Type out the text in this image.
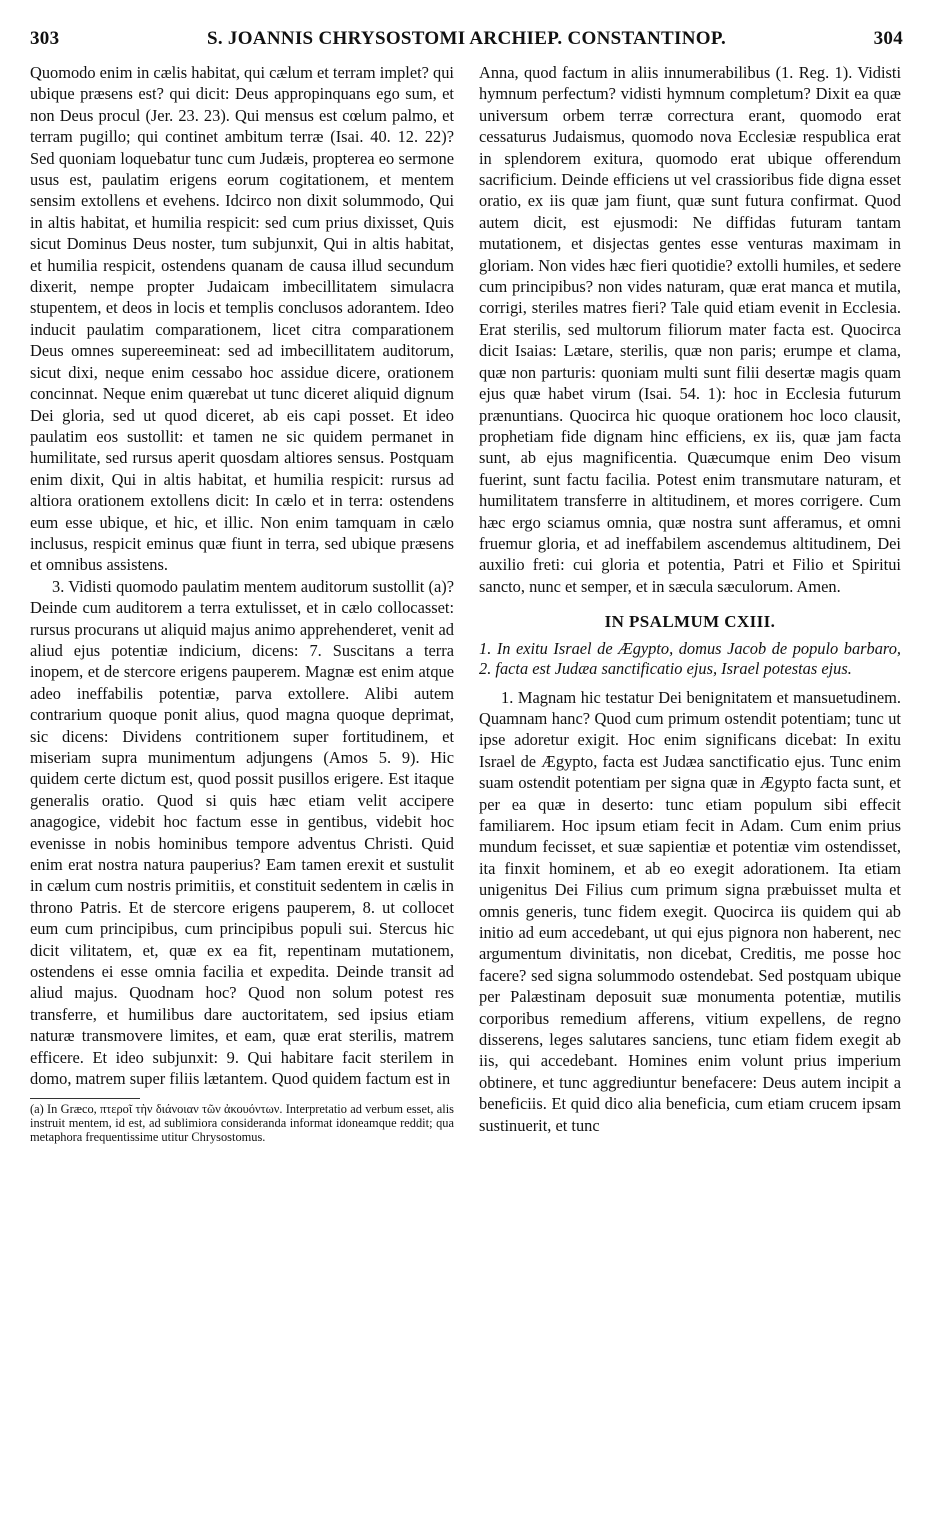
303	S. JOANNIS CHRYSOSTOMI ARCHIEP. CONSTANTINOP.	304

Quomodo enim in cælis habitat, qui cælum et terram implet? qui ubique præsens est? qui dicit: Deus appropinquans ego sum, et non Deus procul (Jer. 23. 23). Qui mensus est cœlum palmo, et terram pugillo; qui continet ambitum terræ (Isai. 40. 12. 22)? Sed quoniam loquebatur tunc cum Judæis, propterea eo sermone usus est, paulatim erigens eorum cogitationem, et mentem sensim extollens et evehens. Idcirco non dixit solummodo, Qui in altis habitat, et humilia respicit: sed cum prius dixisset, Quis sicut Dominus Deus noster, tum subjunxit, Qui in altis habitat, et humilia respicit, ostendens quanam de causa illud secundum dixerit, nempe propter Judaicam imbecillitatem simulacra stupentem, et deos in locis et templis conclusos adorantem. Ideo inducit paulatim comparationem, licet citra comparationem Deus omnes supereemineat: sed ad imbecillitatem auditorum, sicut dixi, neque enim cessabo hoc assidue dicere, orationem concinnat. Neque enim quærebat ut tunc diceret aliquid dignum Dei gloria, sed ut quod diceret, ab eis capi posset. Et ideo paulatim eos sustollit: et tamen ne sic quidem permanet in humilitate, sed rursus aperit quosdam altiores sensus. Postquam enim dixit, Qui in altis habitat, et humilia respicit: rursus ad altiora orationem extollens dicit: In cælo et in terra: ostendens eum esse ubique, et hic, et illic. Non enim tamquam in cælo inclusus, respicit eminus quæ fiunt in terra, sed ubique præsens et omnibus assistens.

3. Vidisti quomodo paulatim mentem auditorum sustollit (a)? Deinde cum auditorem a terra extulisset, et in cælo collocasset: rursus procurans ut aliquid majus animo apprehenderet, venit ad aliud ejus potentiæ indicium, dicens: 7. Suscitans a terra inopem, et de stercore erigens pauperem. Magnæ est enim atque adeo ineffabilis potentiæ, parva extollere. Alibi autem contrarium quoque ponit alius, quod magna quoque deprimat, sic dicens: Dividens contritionem super fortitudinem, et miseriam supra munimentum adjungens (Amos 5. 9). Hic quidem certe dictum est, quod possit pusillos erigere. Est itaque generalis oratio. Quod si quis hæc etiam velit accipere anagogice, videbit hoc factum esse in gentibus, videbit hoc evenisse in nobis hominibus tempore adventus Christi. Quid enim erat nostra natura pauperius? Eam tamen erexit et sustulit in cælum cum nostris primitiis, et constituit sedentem in cælis in throno Patris. Et de stercore erigens pauperem, 8. ut collocet eum cum principibus, cum principibus populi sui. Stercus hic dicit vilitatem, et, quæ ex ea fit, repentinam mutationem, ostendens ei esse omnia facilia et expedita. Deinde transit ad aliud majus. Quodnam hoc? Quod non solum potest res transferre, et humilibus dare auctoritatem, sed ipsius etiam naturæ transmovere limites, et eam, quæ erat sterilis, matrem efficere. Et ideo subjunxit: 9. Qui habitare facit sterilem in domo, matrem super filiis lætantem. Quod quidem factum est in

(a) In Græco, πτεροῖ τὴν διάνοιαν τῶν ἀκουόντων. Interpretatio ad verbum esset, alis instruit mentem, id est, ad sublimiora consideranda informat idoneamque reddit; qua metaphora frequentissime utitur Chrysostomus.

Anna, quod factum in aliis innumerabilibus (1. Reg. 1). Vidisti hymnum perfectum? vidisti hymnum completum? Dixit ea quæ universum orbem terræ correctura erant, quomodo erat cessaturus Judaismus, quomodo nova Ecclesiæ respublica erat in splendorem exitura, quomodo erat ubique offerendum sacrificium. Deinde efficiens ut vel crassioribus fide digna esset oratio, ex iis quæ jam fiunt, quæ sunt futura confirmat. Quod autem dicit, est ejusmodi: Ne diffidas futuram tantam mutationem, et disjectas gentes esse venturas maximam in gloriam. Non vides hæc fieri quotidie? extolli humiles, et sedere cum principibus? non vides naturam, quæ erat manca et mutila, corrigi, steriles matres fieri? Tale quid etiam evenit in Ecclesia. Erat sterilis, sed multorum filiorum mater facta est. Quocirca dicit Isaias: Lætare, sterilis, quæ non paris; erumpe et clama, quæ non parturis: quoniam multi sunt filii desertæ magis quam ejus quæ habet virum (Isai. 54. 1): hoc in Ecclesia futurum prænuntians. Quocirca hic quoque orationem hoc loco clausit, prophetiam fide dignam hinc efficiens, ex iis, quæ jam facta sunt, ab ejus magnificentia. Quæcumque enim Deo visum fuerint, sunt factu facilia. Potest enim transmutare naturam, et humilitatem transferre in altitudinem, et mores corrigere. Cum hæc ergo sciamus omnia, quæ nostra sunt afferamus, et omni fruemur gloria, et ad ineffabilem ascendemus altitudinem, Dei auxilio freti: cui gloria et potentia, Patri et Filio et Spiritui sancto, nunc et semper, et in sæcula sæculorum. Amen.

IN PSALMUM CXIII.

1. In exitu Israel de Ægypto, domus Jacob de populo barbaro, 2. facta est Judæa sanctificatio ejus, Israel potestas ejus.

1. Magnam hic testatur Dei benignitatem et mansuetudinem. Quamnam hanc? Quod cum primum ostendit potentiam; tunc ut ipse adoretur exigit. Hoc enim significans dicebat: In exitu Israel de Ægypto, facta est Judæa sanctificatio ejus. Tunc enim suam ostendit potentiam per signa quæ in Ægypto facta sunt, et per ea quæ in deserto: tunc etiam populum sibi effecit familiarem. Hoc ipsum etiam fecit in Adam. Cum enim prius mundum fecisset, et suæ sapientiæ et potentiæ vim ostendisset, ita finxit hominem, et ab eo exegit adorationem. Ita etiam unigenitus Dei Filius cum primum signa præbuisset multa et omnis generis, tunc fidem exegit. Quocirca iis quidem qui ab initio ad eum accedebant, ut qui ejus pignora non haberent, nec argumentum divinitatis, non dicebat, Creditis, me posse hoc facere? sed signa solummodo ostendebat. Sed postquam ubique per Palæstinam deposuit suæ monumenta potentiæ, mutilis corporibus remedium afferens, vitium expellens, de regno disserens, leges salutares sanciens, tunc etiam fidem exegit ab iis, qui accedebant. Homines enim volunt prius imperium obtinere, et tunc aggrediuntur benefacere: Deus autem incipit a beneficiis. Et quid dico alia beneficia, cum etiam crucem ipsam sustinuerit, et tunc
